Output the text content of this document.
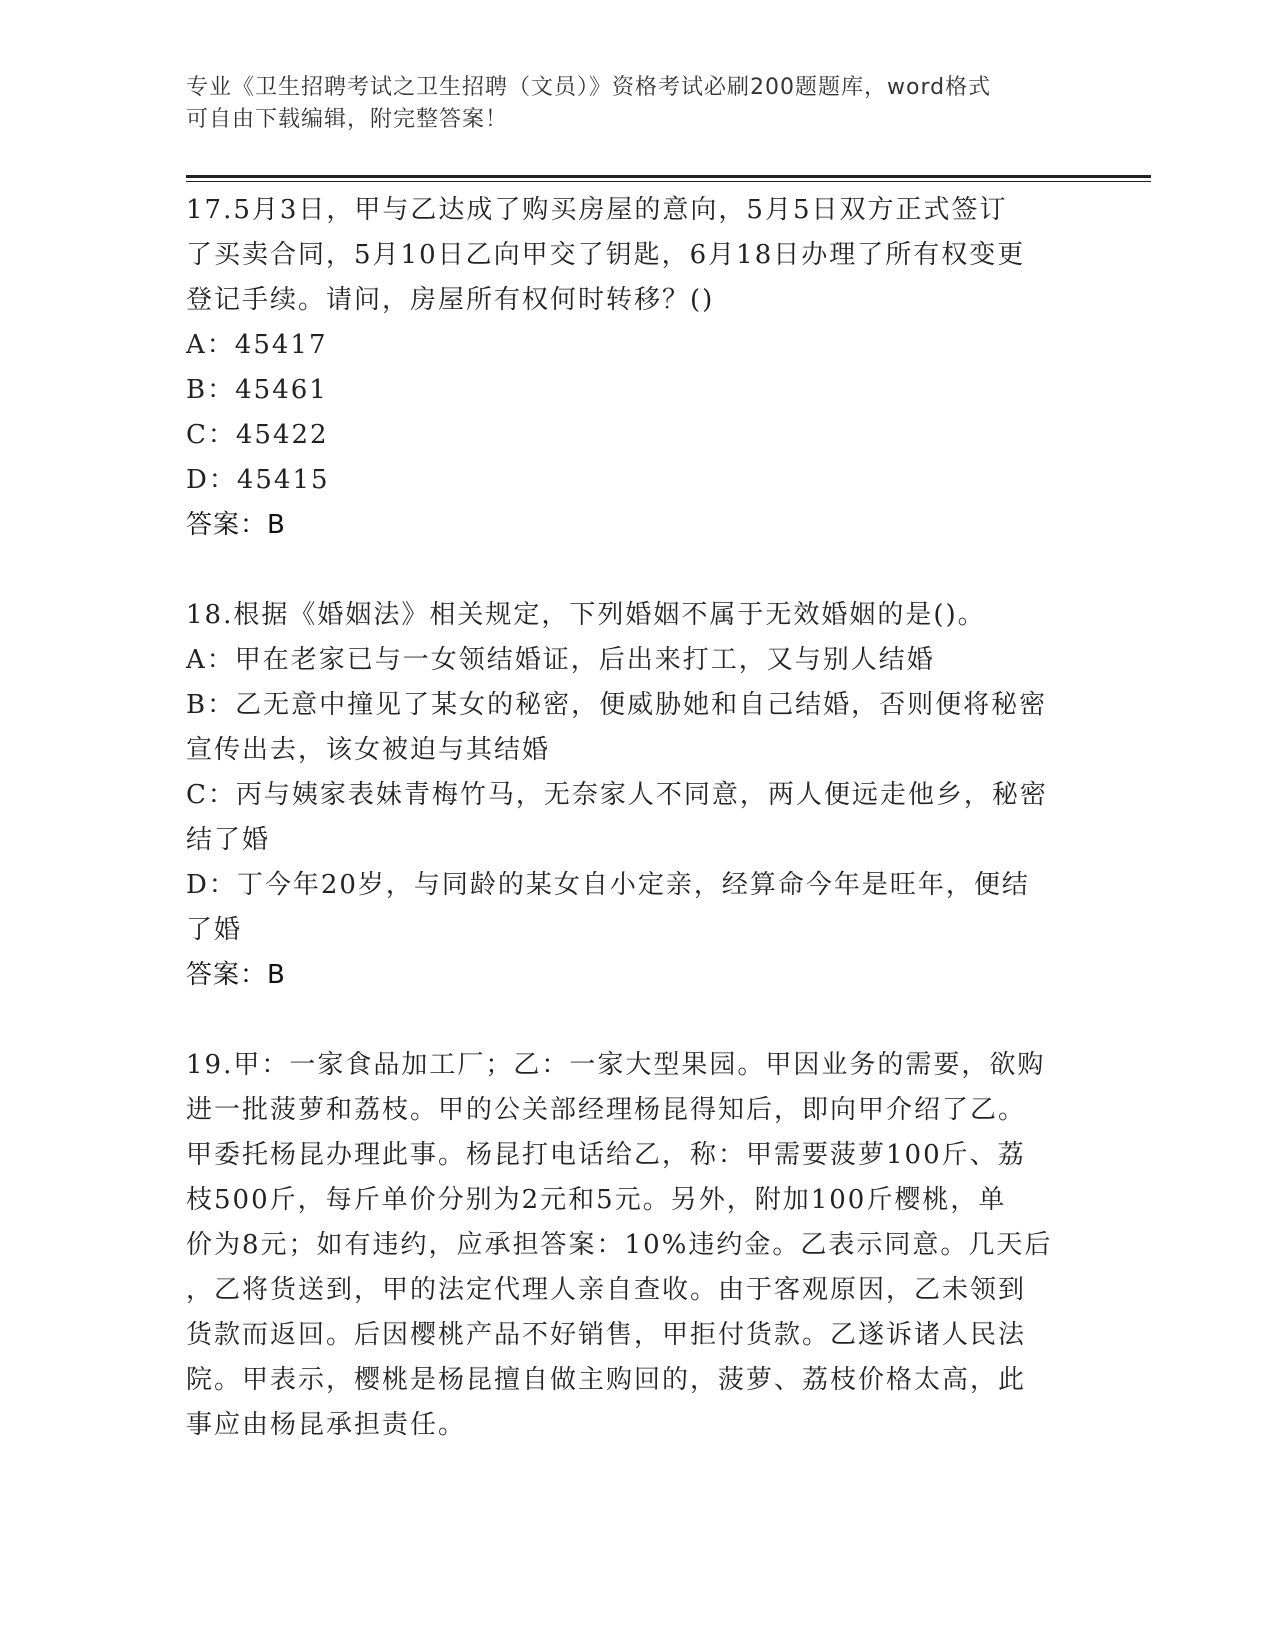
专业《卫生招聘考试之卫生招聘（文员）》资格考试必刷200题题库，word格式
可自由下载编辑，附完整答案！
17.5月3日，甲与乙达成了购买房屋的意向，5月5日双方正式签订
了买卖合同，5月10日乙向甲交了钥匙，6月18日办理了所有权变更
登记手续。请问，房屋所有权何时转移？()
A：45417
B：45461
C：45422
D：45415
答案：B
18.根据《婚姻法》相关规定，下列婚姻不属于无效婚姻的是()。
A：甲在老家已与一女领结婚证，后出来打工，又与别人结婚
B：乙无意中撞见了某女的秘密，便威胁她和自己结婚，否则便将秘密
宣传出去，该女被迫与其结婚
C：丙与姨家表妹青梅竹马，无奈家人不同意，两人便远走他乡，秘密
结了婚
D：丁今年20岁，与同龄的某女自小定亲，经算命今年是旺年，便结
了婚
答案：B
19.甲：一家食品加工厂；乙：一家大型果园。甲因业务的需要，欲购
进一批菠萝和荔枝。甲的公关部经理杨昆得知后，即向甲介绍了乙。
甲委托杨昆办理此事。杨昆打电话给乙，称：甲需要菠萝100斤、荔
枝500斤，每斤单价分别为2元和5元。另外，附加100斤樱桃，单
价为8元；如有违约，应承担答案：10%违约金。乙表示同意。几天后
，乙将货送到，甲的法定代理人亲自查收。由于客观原因，乙未领到
货款而返回。后因樱桃产品不好销售，甲拒付货款。乙遂诉诸人民法
院。甲表示，樱桃是杨昆擅自做主购回的，菠萝、荔枝价格太高，此
事应由杨昆承担责任。
